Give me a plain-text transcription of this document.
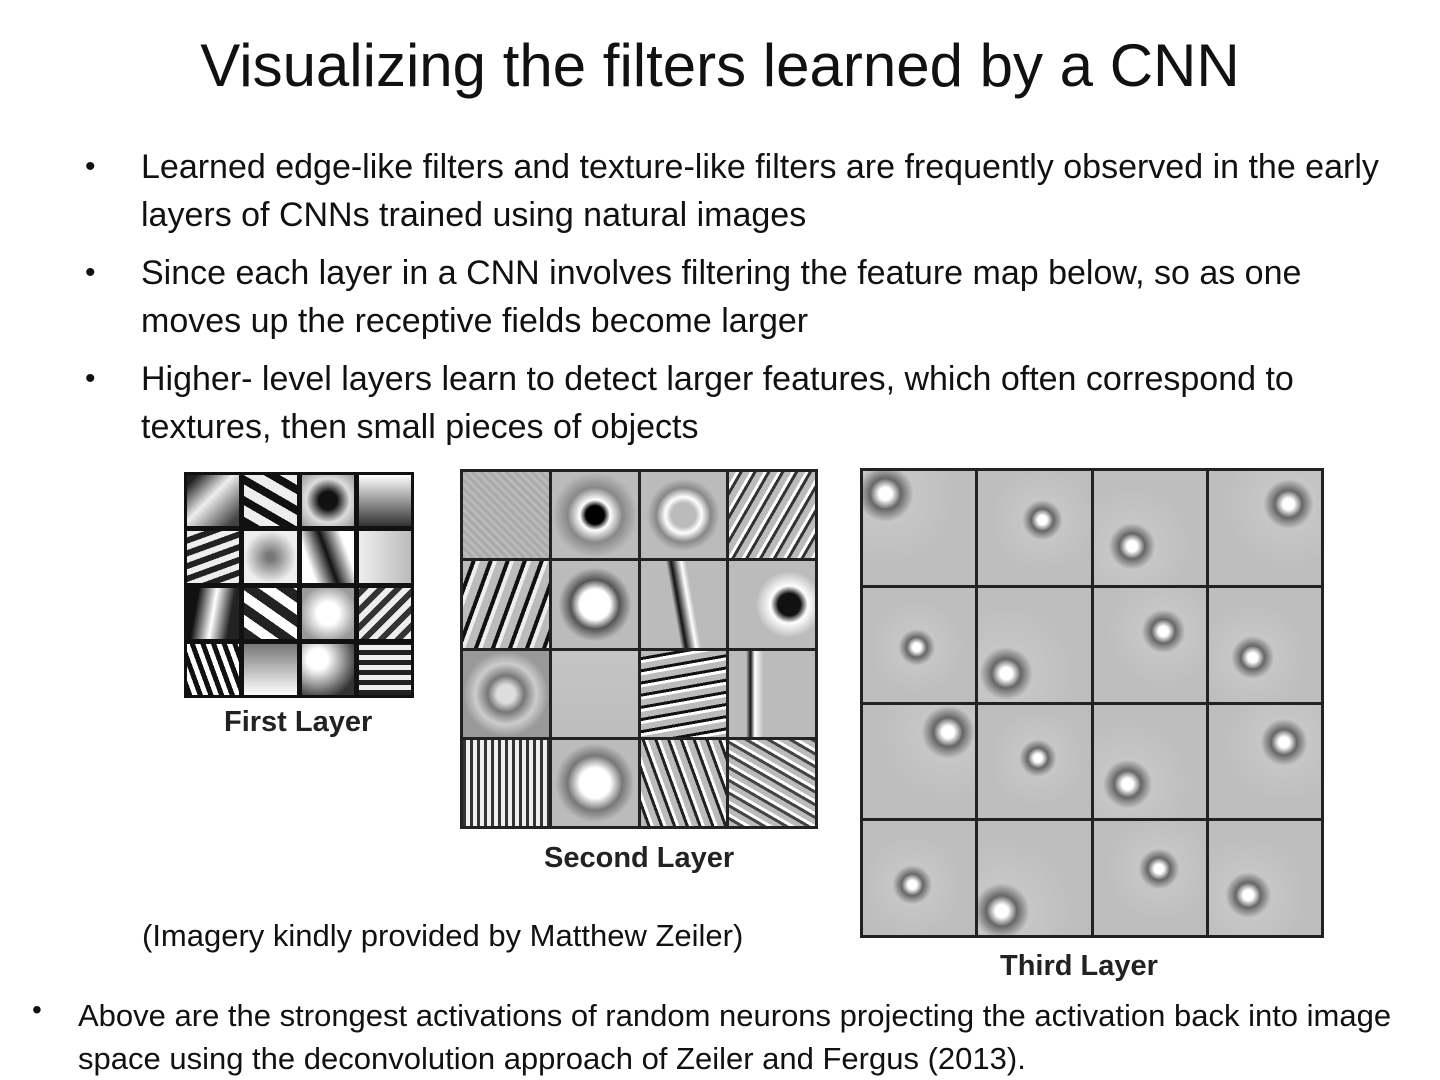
Visualizing the filters learned by a CNN
• Learned edge-like filters and texture-like filters are frequently observed in the early layers of CNNs trained using natural images
• Since each layer in a CNN involves filtering the feature map below, so as one moves up the receptive fields become larger
• Higher- level layers learn to detect larger features, which often correspond to textures, then small pieces of objects
First Layer
Second Layer
Third Layer
(Imagery kindly provided by Matthew Zeiler)
• Above are the strongest activations of random neurons projecting the activation back into image space using the deconvolution approach of Zeiler and Fergus (2013).
